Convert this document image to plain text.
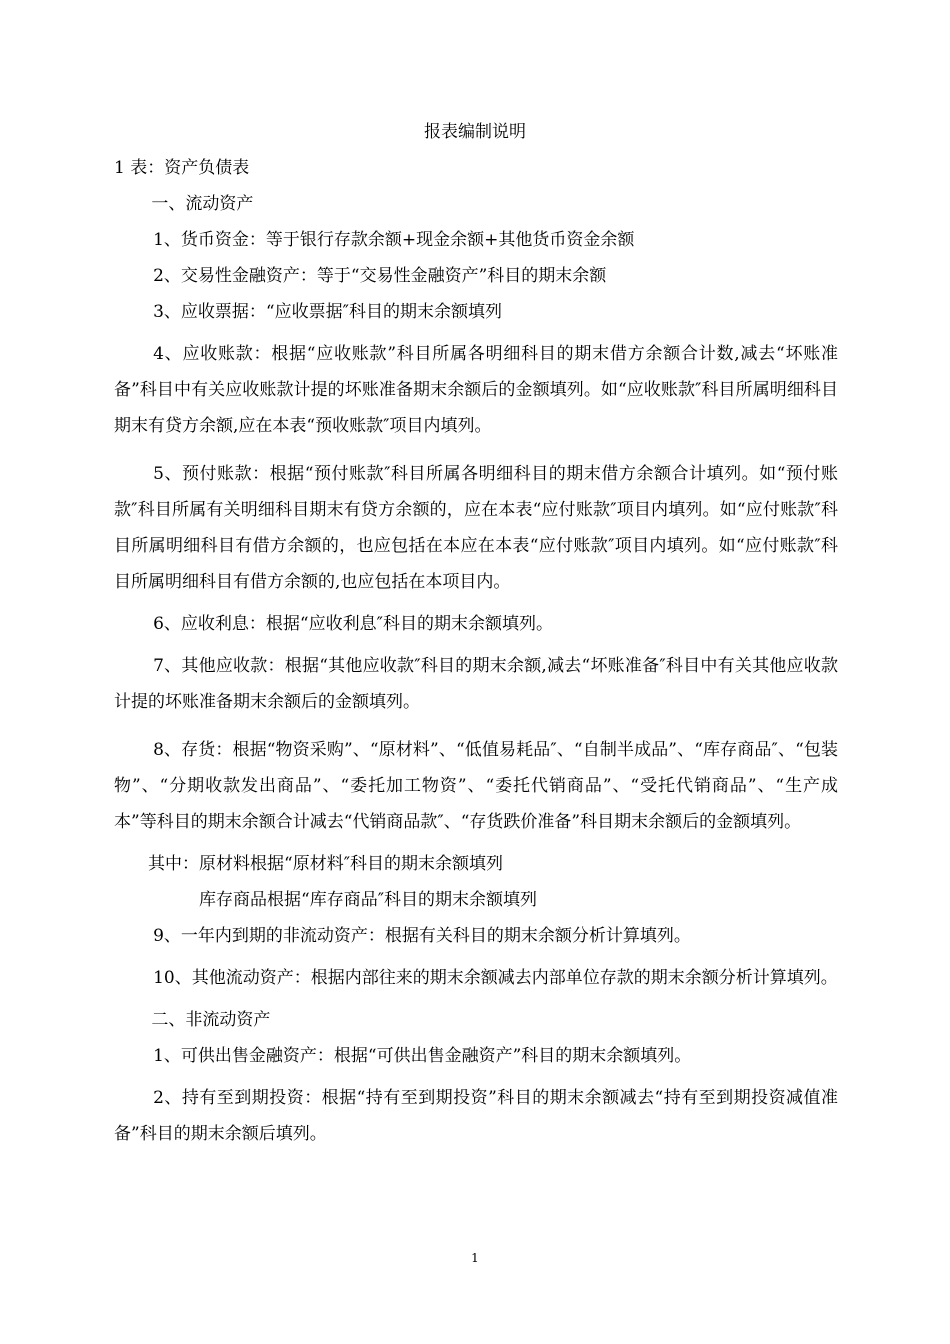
报表编制说明

1 表：资产负债表

一、流动资产

1、货币资金：等于银行存款余额+现金余额+其他货币资金余额

2、交易性金融资产：等于“交易性金融资产”科目的期末余额

3、应收票据：“应收票据″科目的期末余额填列

4、应收账款：根据“应收账款”科目所属各明细科目的期末借方余额合计数,减去“坏账准备”科目中有关应收账款计提的坏账准备期末余额后的金额填列。如“应收账款″科目所属明细科目期末有贷方余额,应在本表“预收账款″项目内填列。

5、预付账款：根据“预付账款″科目所属各明细科目的期末借方余额合计填列。如“预付账款″科目所属有关明细科目期末有贷方余额的，应在本表“应付账款″项目内填列。如“应付账款″科目所属明细科目有借方余额的，也应包括在本应在本表“应付账款″项目内填列。如“应付账款″科目所属明细科目有借方余额的,也应包括在本项目内。

6、应收利息：根据“应收利息″科目的期末余额填列。

7、其他应收款：根据“其他应收款″科目的期末余额,减去“坏账准备″科目中有关其他应收款计提的坏账准备期末余额后的金额填列。

8、存货：根据“物资采购”、“原材料”、“低值易耗品″、“自制半成品”、“库存商品″、“包装物”、“分期收款发出商品”、“委托加工物资”、“委托代销商品”、“受托代销商品”、“生产成本”等科目的期末余额合计减去“代销商品款″、“存货跌价准备”科目期末余额后的金额填列。

其中：原材料根据“原材料″科目的期末余额填列

库存商品根据“库存商品″科目的期末余额填列

9、一年内到期的非流动资产：根据有关科目的期末余额分析计算填列。

10、其他流动资产：根据内部往来的期末余额减去内部单位存款的期末余额分析计算填列。

二、非流动资产

1、可供出售金融资产：根据“可供出售金融资产”科目的期末余额填列。

2、持有至到期投资：根据“持有至到期投资”科目的期末余额减去“持有至到期投资减值准备”科目的期末余额后填列。

1
